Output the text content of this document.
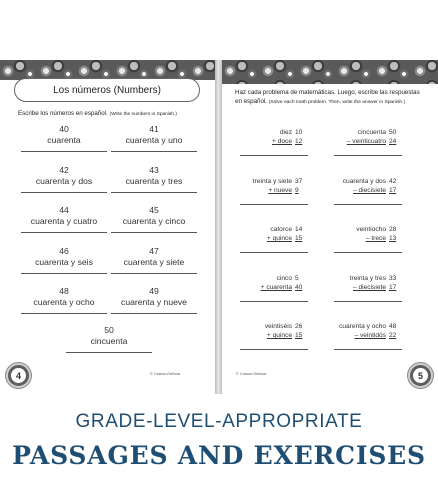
Los números (Numbers)
Escribe los números en español. (Write the numbers in Spanish.)
40
cuarenta
41
cuarenta y uno
42
cuarenta y dos
43
cuarenta y tres
44
cuarenta y cuatro
45
cuarenta y cinco
46
cuarenta y seis
47
cuarenta y siete
48
cuarenta y ocho
49
cuarenta y nueve
50
cincuenta
© Carson-Dellosa
4
Haz cada problema de matemáticas. Luego, escribe las respuestas en español. (Solve each math problem. Then, write the answer in Spanish.)
diez 10
+ doce 12
cincuenta 50
– veinticuatro 24
treinta y siete 37
+ nueve 9
cuarenta y dos 42
– diecisiete 17
catorce 14
+ quince 15
veintiocho 28
– trece 13
cinco 5
+ cuarenta 40
treinta y tres 33
– diecisiete 17
veintiséis 26
+ quince 15
cuarenta y ocho 48
– veintidós 22
© Carson-Dellosa	5
GRADE-LEVEL-APPROPRIATE
PASSAGES AND EXERCISES
